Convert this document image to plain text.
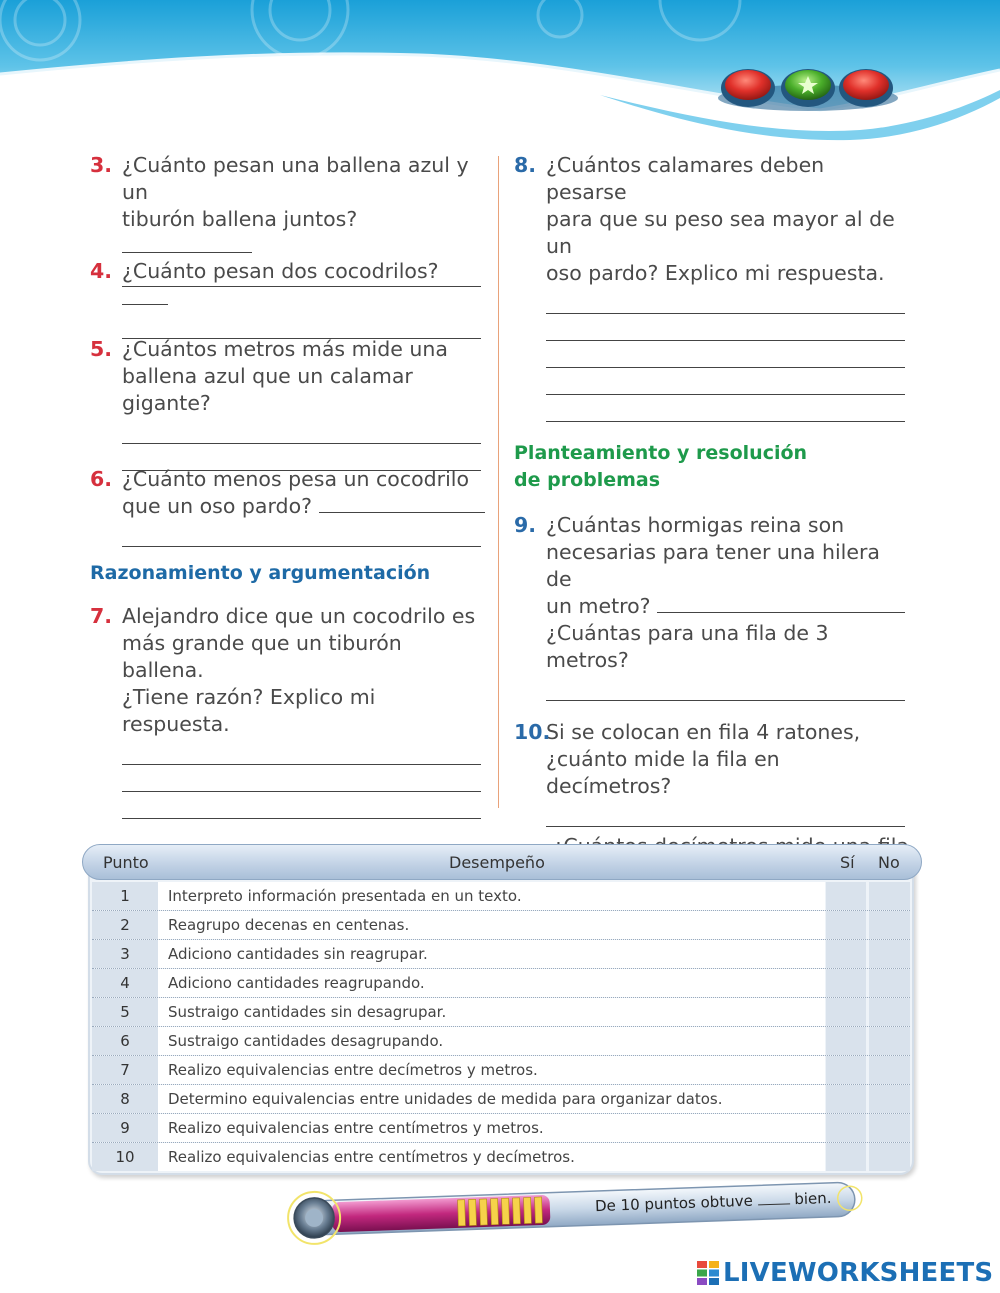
3. ¿Cuánto pesan una ballena azul y un
tiburón ballena juntos?
4. ¿Cuánto pesan dos cocodrilos?
5. ¿Cuántos metros más mide una
ballena azul que un calamar gigante?
6. ¿Cuánto menos pesa un cocodrilo
que un oso pardo?
Razonamiento y argumentación
7. Alejandro dice que un cocodrilo es
más grande que un tiburón ballena.
¿Tiene razón? Explico mi respuesta.
8. ¿Cuántos calamares deben pesarse
para que su peso sea mayor al de un
oso pardo? Explico mi respuesta.
Planteamiento y resolución
de problemas
9. ¿Cuántas hormigas reina son
necesarias para tener una hilera de
un metro?
¿Cuántas para una fila de 3 metros?
10.
Si se colocan en fila 4 ratones,
¿cuánto mide la fila en decímetros?
Punto	Desempeño	Sí No
1	Interpreto información presentada en un texto.
2	Reagrupo decenas en centenas.
3	Adiciono cantidades sin reagrupar.
4	Adiciono cantidades reagrupando.
5	Sustraigo cantidades sin desagrupar.
6	Sustraigo cantidades desagrupando.
7	Realizo equivalencias entre decímetros y metros.
8	Determino equivalencias entre unidades de medida para organizar datos.
9	Realizo equivalencias entre centímetros y metros.
10	Realizo equivalencias entre centímetros y decímetros.
De 10 puntos obtuve	bien.
LIVEWORKSHEETS
